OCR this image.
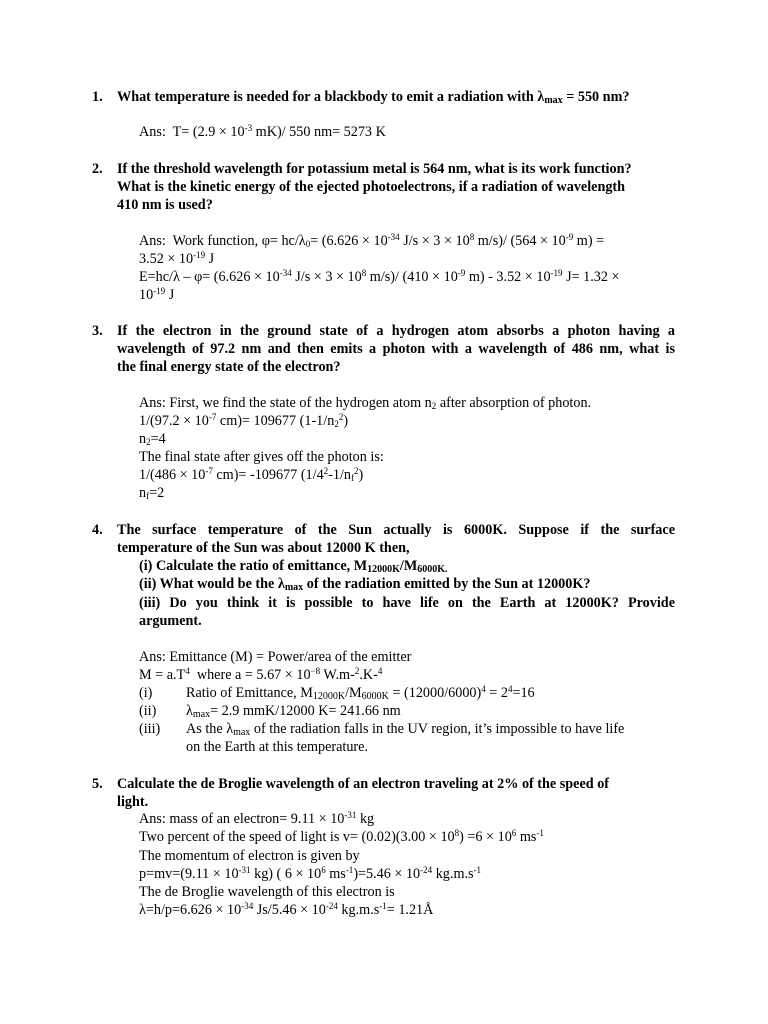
1. What temperature is needed for a blackbody to emit a radiation with $\lambda_{max} = 550$ nm?
Ans:  $T= (2.9 \times 10^{-3}$ mK)/ 550 nm= 5273 K
2. If the threshold wavelength for potassium metal is 564 nm, what is its work function?
What is the kinetic energy of the ejected photoelectrons, if a radiation of wavelength
410 nm is used?
Ans:  Work function, $\varphi= hc/\lambda_0= (6.626 \times 10^{-34}$ $J/s \times 3 \times 10^8$ m/s)/ ($564 \times 10^{-9}$ m) =
$3.52 \times 10^{-19}$ J
$E=hc/\lambda - \varphi= (6.626 \times 10^{-34}$ $J/s \times 3 \times 10^8$ m/s)/ ($410 \times 10^{-9}$ $m) - 3.52 \times 10^{-19}$ J= 1.32 ×
$10^{-19}$ J
3. If the electron in the ground state of a hydrogen atom absorbs a photon having a
wavelength of 97.2 nm and then emits a photon with a wavelength of 486 nm, what is
the final energy state of the electron?
Ans: First, we find the state of the hydrogen atom $n_2$ after absorption of photon.
$1/(97.2 \times 10^{-7}$ cm)= 109677 $(1-1/n_2^2)$
$n_2=4$
The final state after gives off the photon is:
$1/(486 \times 10^{-7}$ cm)= -109677 $(1/4^2-1/n_f^2)$
$n_f=2$
4. The surface temperature of the Sun actually is 6000K. Suppose if the surface
temperature of the Sun was about 12000 K then,
(i) Calculate the ratio of emittance, $M_{12000K}/M_{6000K.}$
(ii) What would be the $\lambda_{max}$ of the radiation emitted by the Sun at 12000K?
(iii) Do you think it is possible to have life on the Earth at 12000K? Provide
argument.
Ans: Emittance (M) = Power/area of the emitter
$M = a.T^4$  where $a = 5.67 \times 10^{-8}$ W.m-$^2$.K-$^4$
(i) Ratio of Emittance, $M_{12000K}/M_{6000K} = (12000/6000)^4 = 2^4=16$
(ii) $\lambda_{max}= 2.9$ mmK/12000 K= 241.66 nm
(iii) As the $\lambda_{max}$ of the radiation falls in the UV region, it’s impossible to have life
on the Earth at this temperature.
5. Calculate the de Broglie wavelength of an electron traveling at 2% of the speed of
light.
Ans: mass of an electron= $9.11 \times 10^{-31}$ kg
Two percent of the speed of light is $v= (0.02)(3.00 \times 10^8) =6 \times 10^6$ $ms^{-1}$
The momentum of electron is given by
$p=mv=(9.11 \times 10^{-31}$ kg) ( $6 \times 10^6$ $ms^{-1})=5.46 \times 10^{-24}$ $kg.m.s^{-1}$
The de Broglie wavelength of this electron is
$\lambda=h/p=6.626 \times 10^{-34}$ $Js/5.46 \times 10^{-24}$ $kg.m.s^{-1}=$ 1.21Å
